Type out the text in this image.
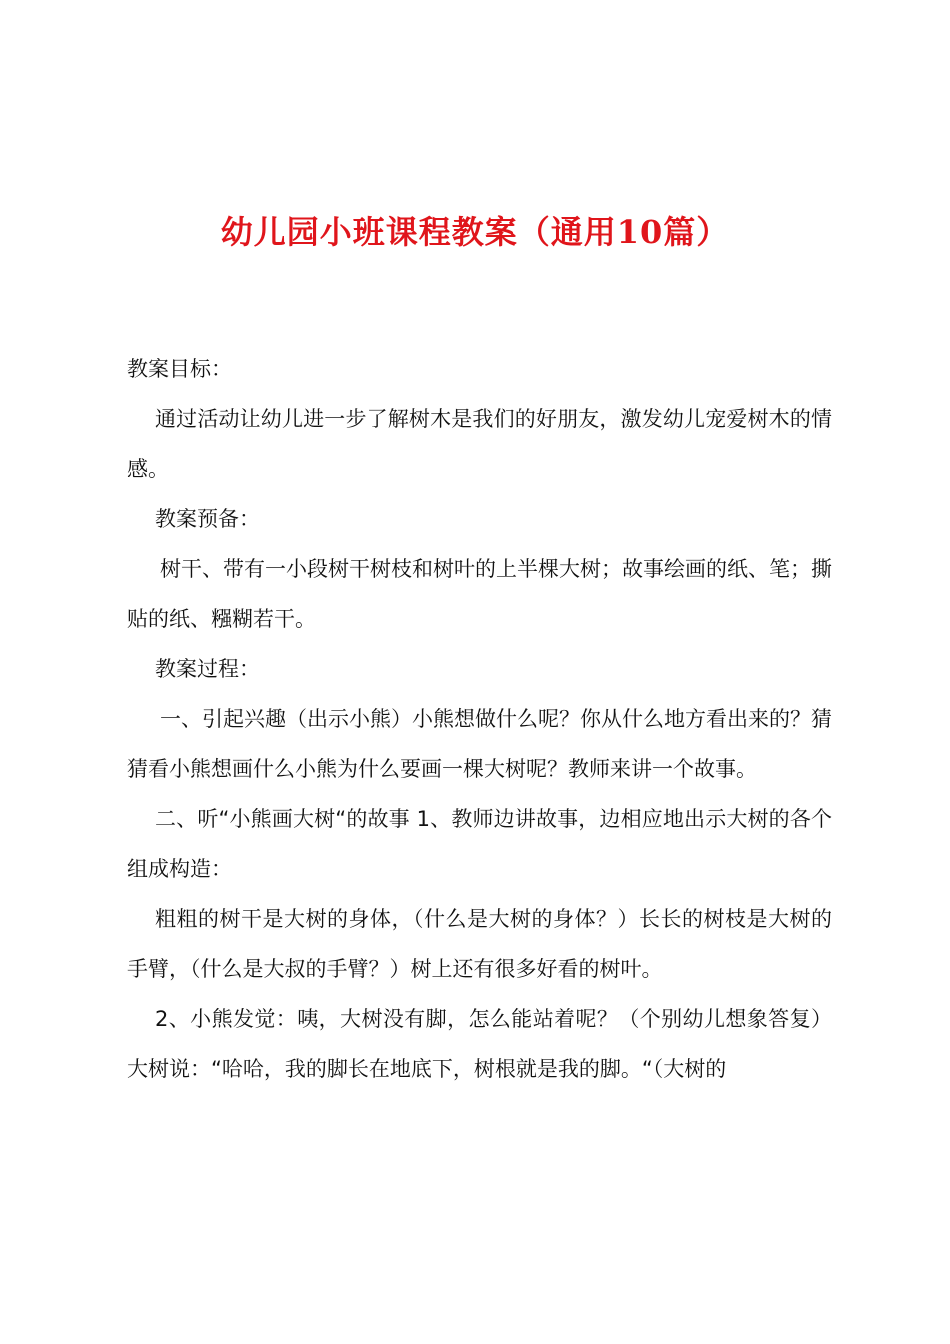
幼儿园小班课程教案（通用10篇）

教案目标：

通过活动让幼儿进一步了解树木是我们的好朋友，激发幼儿宠爱树木的情感。

教案预备：

树干、带有一小段树干树枝和树叶的上半棵大树；故事绘画的纸、笔；撕贴的纸、糨糊若干。

教案过程：

一、引起兴趣（出示小熊）小熊想做什么呢？你从什么地方看出来的？猜猜看小熊想画什么小熊为什么要画一棵大树呢？教师来讲一个故事。

二、听“小熊画大树“的故事 1、教师边讲故事，边相应地出示大树的各个组成构造：

粗粗的树干是大树的身体，（什么是大树的身体？）长长的树枝是大树的手臂，（什么是大叔的手臂？）树上还有很多好看的树叶。

2、小熊发觉：咦，大树没有脚，怎么能站着呢？（个别幼儿想象答复）大树说：“哈哈，我的脚长在地底下，树根就是我的脚。“（大树的
